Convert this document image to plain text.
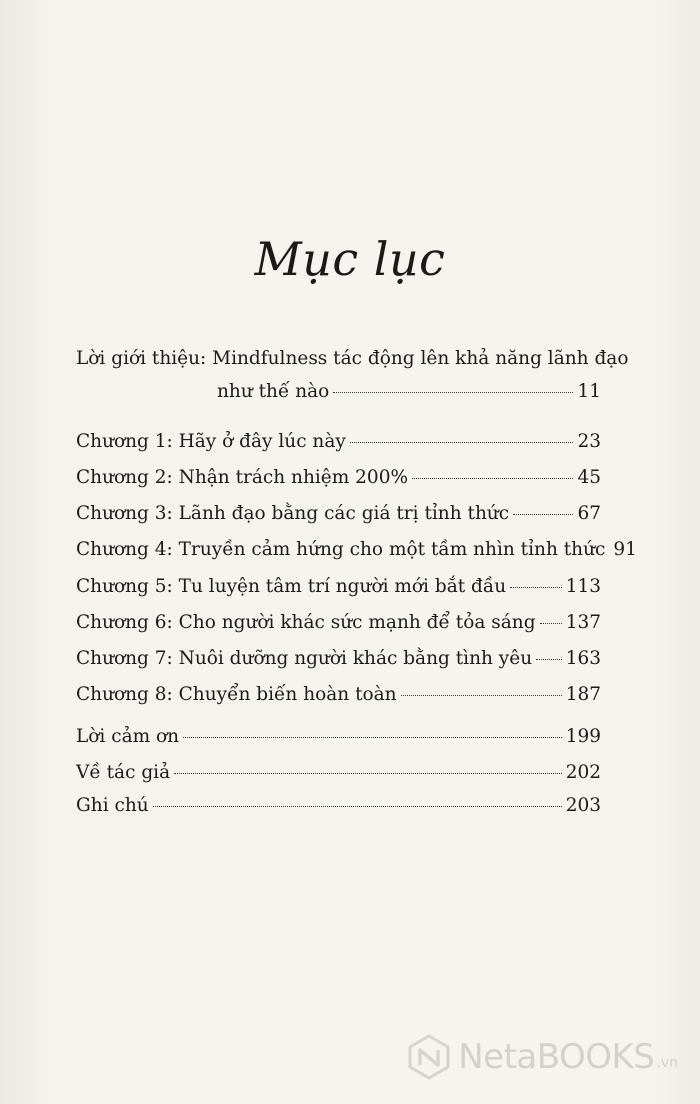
Mục lục
Lời giới thiệu: Mindfulness tác động lên khả năng lãnh đạo
như thế nào	11
Chương 1: Hãy ở đây lúc này	23
Chương 2: Nhận trách nhiệm 200%	45
Chương 3: Lãnh đạo bằng các giá trị tỉnh thức	67
Chương 4: Truyền cảm hứng cho một tầm nhìn tỉnh thức 91
Chương 5: Tu luyện tâm trí người mới bắt đầu	113
Chương 6: Cho người khác sức mạnh để tỏa sáng 137
Chương 7: Nuôi dưỡng người khác bằng tình yêu 163
Chương 8: Chuyển biến hoàn toàn	187
Lời cảm ơn	199
Về tác giả	202
Ghi chú	203
NetaBOOKS .vn
